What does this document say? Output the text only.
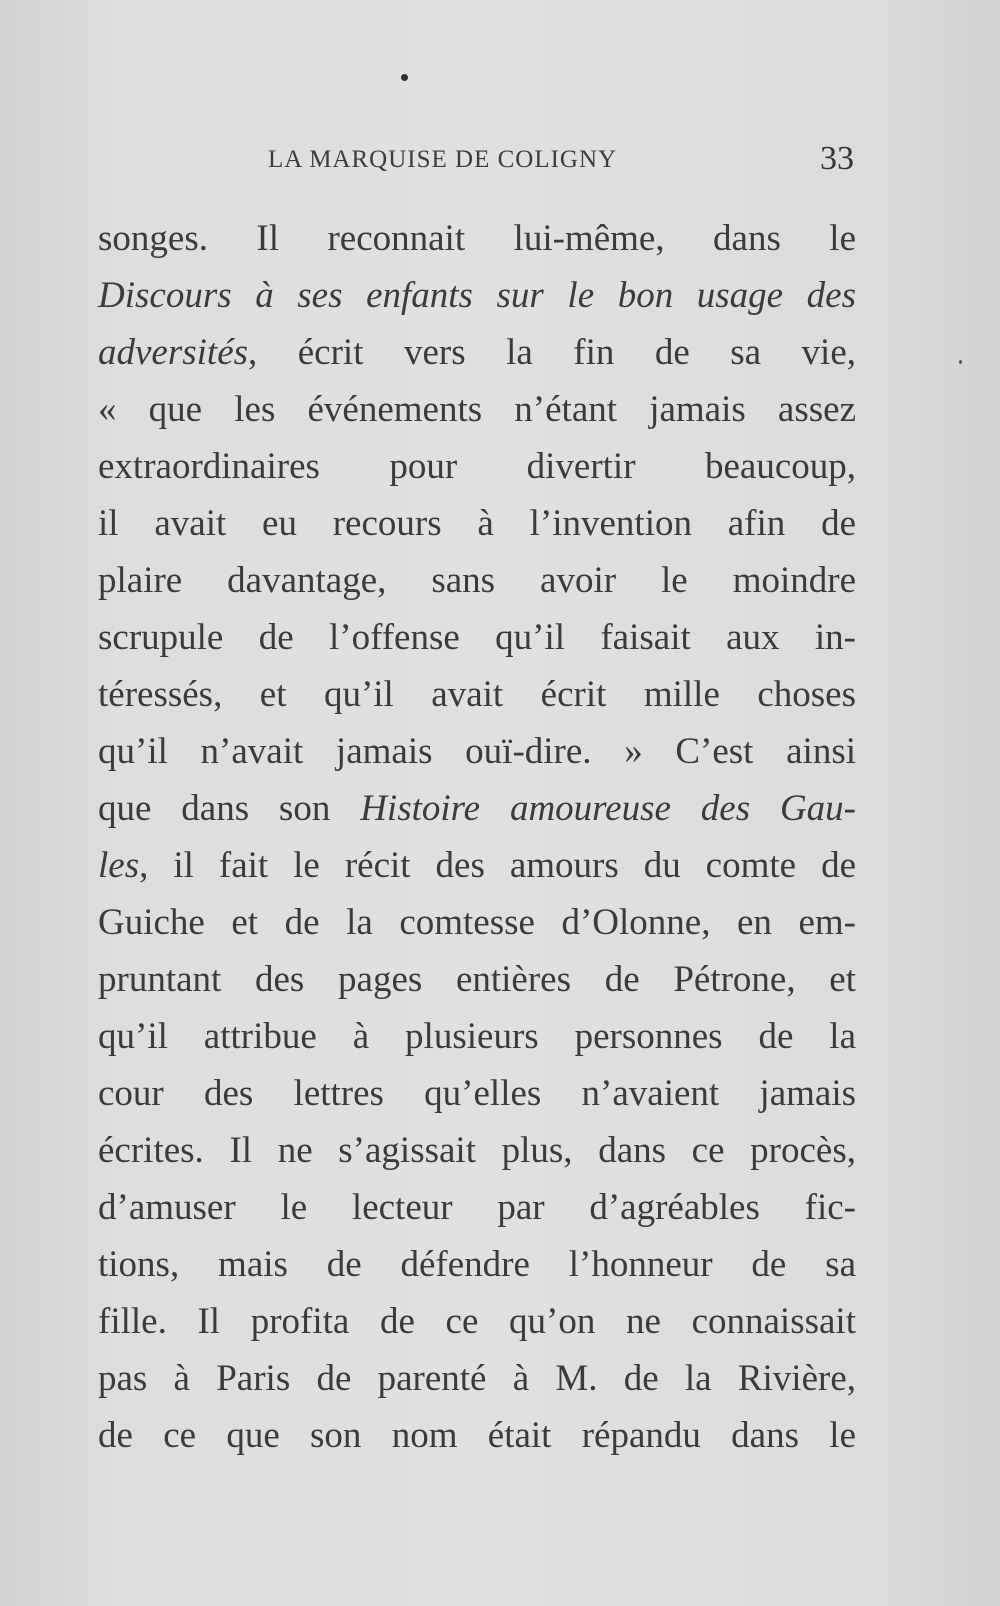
LA MARQUISE DE COLIGNY	33
songes. Il reconnait lui-même, dans le
Discours à ses enfants sur le bon usage des
adversités, écrit vers la fin de sa vie,
« que les événements n’étant jamais assez
extraordinaires pour divertir beaucoup,
il avait eu recours à l’invention afin de
plaire davantage, sans avoir le moindre
scrupule de l’offense qu’il faisait aux in-
téressés, et qu’il avait écrit mille choses
qu’il n’avait jamais ouï-dire. » C’est ainsi
que dans son Histoire amoureuse des Gau-
les, il fait le récit des amours du comte de
Guiche et de la comtesse d’Olonne, en em-
pruntant des pages entières de Pétrone, et
qu’il attribue à plusieurs personnes de la
cour des lettres qu’elles n’avaient jamais
écrites. Il ne s’agissait plus, dans ce procès,
d’amuser le lecteur par d’agréables fic-
tions, mais de défendre l’honneur de sa
fille. Il profita de ce qu’on ne connaissait
pas à Paris de parenté à M. de la Rivière,
de ce que son nom était répandu dans le
